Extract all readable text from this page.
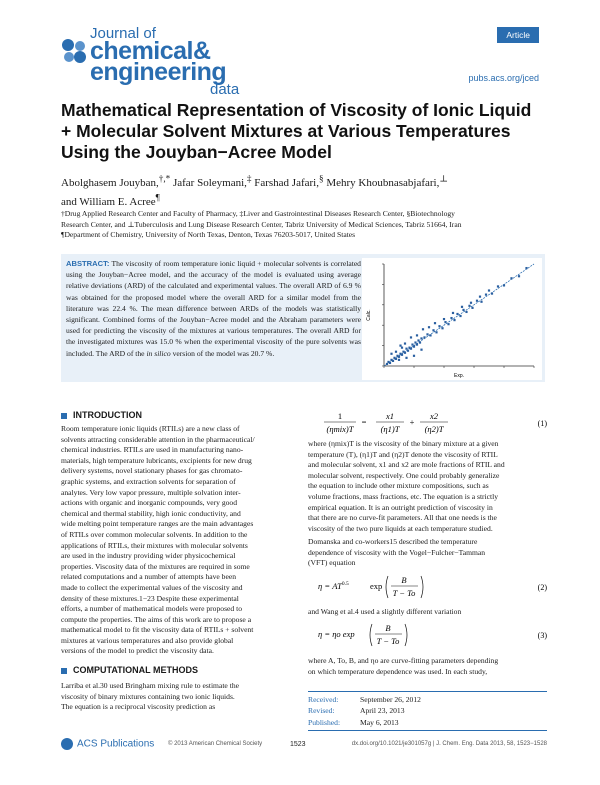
Journal of
chemical&
engineering
data
Article
pubs.acs.org/jced
Mathematical Representation of Viscosity of Ionic Liquid + Molecular Solvent Mixtures at Various Temperatures Using the Jouyban−Acree Model
Abolghasem Jouyban,†,* Jafar Soleymani,‡ Farshad Jafari,§ Mehry Khoubnasabjafari,⊥
and William E. Acree¶
†Drug Applied Research Center and Faculty of Pharmacy, ‡Liver and Gastrointestinal Diseases Research Center, §Biotechnology
Research Center, and ⊥Tuberculosis and Lung Disease Research Center, Tabriz University of Medical Sciences, Tabriz 51664, Iran
¶Department of Chemistry, University of North Texas, Denton, Texas 76203-5017, United States
ABSTRACT: The viscosity of room temperature ionic liquid + molecular solvents is correlated using the Jouyban−Acree model, and the accuracy of the model is evaluated using average relative deviations (ARD) of the calculated and experimental values. The overall ARD of 6.9 % was obtained for the proposed model where the overall ARD for a similar model from the literature was 22.4 %. The mean difference between ARDs of the models was statistically significant. Combined forms of the Jouyban−Acree model and the Abraham parameters were used for predicting the viscosity of the mixtures at various temperatures. The overall ARD for the investigated mixtures was 15.0 % when the experimental viscosity of the pure solvents was included. The ARD of the in silico version of the model was 20.7 %.
Exp.
Calc.
INTRODUCTION
Room temperature ionic liquids (RTILs) are a new class of
solvents attracting considerable attention in the pharmaceutical/
chemical industries. RTILs are used in manufacturing nano-
materials, high temperature lubricants, excipients for new drug
delivery systems, novel stationary phases for gas chromato-
graphic systems, and extraction solvents for separation of
analytes. Very low vapor pressure, multiple solvation inter-
actions with organic and inorganic compounds, very good
chemical and thermal stability, high ionic conductivity, and
wide melting point temperature ranges are the main advantages
of RTILs over common molecular solvents. In addition to the
applications of RTILs, their mixtures with molecular solvents
are used in the industry providing wider physicochemical
properties. Viscosity data of the mixtures are required in some
related computations and a number of attempts have been
made to collect the experimental values of the viscosity and
density of these mixtures.1−23 Despite these experimental
efforts, a number of mathematical models were proposed to
compute the properties. The aims of this work are to propose a
mathematical model to fit the viscosity data of RTILs + solvent
mixtures at various temperatures and also provide global
versions of the model to predict the viscosity data.
COMPUTATIONAL METHODS
Larriba et al.30 used Bringham mixing rule to estimate the
viscosity of binary mixtures containing two ionic liquids.
The equation is a reciprocal viscosity prediction as
1
(ηmix)T
=
x1
(η1)T
+
x2
(η2)T
(1)
where (ηmix)T is the viscosity of the binary mixture at a given
temperature (T), (η1)T and (η2)T denote the viscosity of RTIL
and molecular solvent, x1 and x2 are mole fractions of RTIL and
molecular solvent, respectively. One could probably generalize
the equation to include other mixture compositions, such as
volume fractions, mass fractions, etc. The equation is a strictly
empirical equation. It is an outright prediction of viscosity in
that there are no curve-fit parameters. All that one needs is the
viscosity of the two pure liquids at each temperature studied.
Domanska and co-workers15 described the temperature
dependence of viscosity with the Vogel−Fulcher−Tamman
(VFT) equation
$\eta = AT^{0.5}$	exp
B
T − To
(2)
and Wang et al.4 used a slightly different variation
η = ηo exp
B
T − To
(3)
where A, To, B, and ηo are curve-fitting parameters depending
on which temperature dependence was used. In each study,
Received:	September 26, 2012
Revised:	April 23, 2013
Published:	May 6, 2013
ACS Publications © 2013 American Chemical Society	1523	dx.doi.org/10.1021/je301057g | J. Chem. Eng. Data 2013, 58, 1523−1528
